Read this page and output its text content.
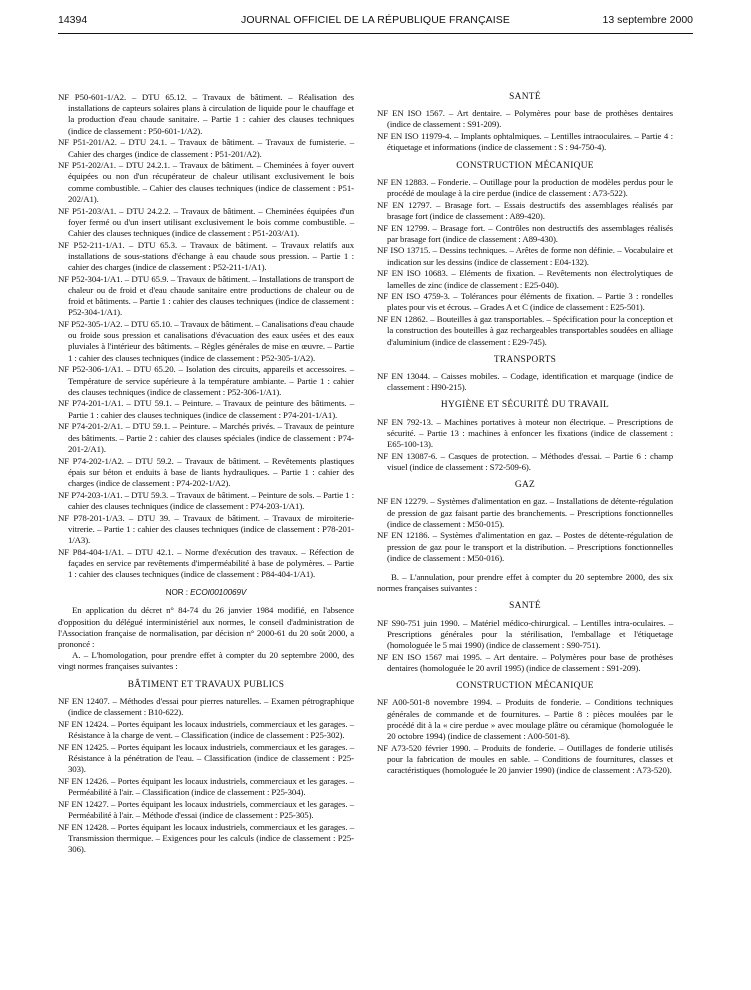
14394	JOURNAL OFFICIEL DE LA RÉPUBLIQUE FRANÇAISE	13 septembre 2000

NF P50-601-1/A2. – DTU 65.12. – Travaux de bâtiment. – Réalisation des installations de capteurs solaires plans à circulation de liquide pour le chauffage et la production d'eau chaude sanitaire. – Partie 1 : cahier des clauses techniques (indice de classement : P50-601-1/A2).

NF P51-201/A2. – DTU 24.1. – Travaux de bâtiment. – Travaux de fumisterie. – Cahier des charges (indice de classement : P51-201/A2).

NF P51-202/A1. – DTU 24.2.1. – Travaux de bâtiment. – Cheminées à foyer ouvert équipées ou non d'un récupérateur de chaleur utilisant exclusivement le bois comme combustible. – Cahier des clauses techniques (indice de classement : P51-202/A1).

NF P51-203/A1. – DTU 24.2.2. – Travaux de bâtiment. – Cheminées équipées d'un foyer fermé ou d'un insert utilisant exclusivement le bois comme combustible. – Cahier des clauses techniques (indice de classement : P51-203/A1).

NF P52-211-1/A1. – DTU 65.3. – Travaux de bâtiment. – Travaux relatifs aux installations de sous-stations d'échange à eau chaude sous pression. – Partie 1 : cahier des charges (indice de classement : P52-211-1/A1).

NF P52-304-1/A1. – DTU 65.9. – Travaux de bâtiment. – Installations de transport de chaleur ou de froid et d'eau chaude sanitaire entre productions de chaleur ou de froid et bâtiments. – Partie 1 : cahier des clauses techniques (indice de classement : P52-304-1/A1).

NF P52-305-1/A2. – DTU 65.10. – Travaux de bâtiment. – Canalisations d'eau chaude ou froide sous pression et canalisations d'évacuation des eaux usées et des eaux pluviales à l'intérieur des bâtiments. – Règles générales de mise en œuvre. – Partie 1 : cahier des clauses techniques (indice de classement : P52-305-1/A2).

NF P52-306-1/A1. – DTU 65.20. – Isolation des circuits, appareils et accessoires. – Température de service supérieure à la température ambiante. – Partie 1 : cahier des clauses techniques (indice de classement : P52-306-1/A1).

NF P74-201-1/A1. – DTU 59.1. – Peinture. – Travaux de peinture des bâtiments. – Partie 1 : cahier des clauses techniques (indice de classement : P74-201-1/A1).

NF P74-201-2/A1. – DTU 59.1. – Peinture. – Marchés privés. – Travaux de peinture des bâtiments. – Partie 2 : cahier des clauses spéciales (indice de classement : P74-201-2/A1).

NF P74-202-1/A2. – DTU 59.2. – Travaux de bâtiment. – Revêtements plastiques épais sur béton et enduits à base de liants hydrauliques. – Partie 1 : cahier des charges (indice de classement : P74-202-1/A2).

NF P74-203-1/A1. – DTU 59.3. – Travaux de bâtiment. – Peinture de sols. – Partie 1 : cahier des clauses techniques (indice de classement : P74-203-1/A1).

NF P78-201-1/A3. – DTU 39. – Travaux de bâtiment. – Travaux de miroiterie-vitrerie. – Partie 1 : cahier des clauses techniques (indice de classement : P78-201-1/A3).

NF P84-404-1/A1. – DTU 42.1. – Norme d'exécution des travaux. – Réfection de façades en service par revêtements d'imperméabilité à base de polymères. – Partie 1 : cahier des clauses techniques (indice de classement : P84-404-1/A1).

NOR : ECOI0010069V

En application du décret n° 84-74 du 26 janvier 1984 modifié, en l'absence d'opposition du délégué interministériel aux normes, le conseil d'administration de l'Association française de normalisation, par décision n° 2000-61 du 20 soût 2000, a prononcé :

A. – L'homologation, pour prendre effet à compter du 20 septembre 2000, des vingt normes françaises suivantes :

BÂTIMENT ET TRAVAUX PUBLICS

NF EN 12407. – Méthodes d'essai pour pierres naturelles. – Examen pétrographique (indice de classement : B10-622).

NF EN 12424. – Portes équipant les locaux industriels, commerciaux et les garages. – Résistance à la charge de vent. – Classification (indice de classement : P25-302).

NF EN 12425. – Portes équipant les locaux industriels, commerciaux et les garages. – Résistance à la pénétration de l'eau. – Classification (indice de classement : P25-303).

NF EN 12426. – Portes équipant les locaux industriels, commerciaux et les garages. – Perméabilité à l'air. – Classification (indice de classement : P25-304).

NF EN 12427. – Portes équipant les locaux industriels, commerciaux et les garages. – Perméabilité à l'air. – Méthode d'essai (indice de classement : P25-305).

NF EN 12428. – Portes équipant les locaux industriels, commerciaux et les garages. – Transmission thermique. – Exigences pour les calculs (indice de classement : P25-306).

SANTÉ

NF EN ISO 1567. – Art dentaire. – Polymères pour base de prothèses dentaires (indice de classement : S91-209).

NF EN ISO 11979-4. – Implants ophtalmiques. – Lentilles intraoculaires. – Partie 4 : étiquetage et informations (indice de classement : S : 94-750-4).

CONSTRUCTION MÉCANIQUE

NF EN 12883. – Fonderie. – Outillage pour la production de modèles perdus pour le procédé de moulage à la cire perdue (indice de classement : A73-522).

NF EN 12797. – Brasage fort. – Essais destructifs des assemblages réalisés par brasage fort (indice de classement : A89-420).

NF EN 12799. – Brasage fort. – Contrôles non destructifs des assemblages réalisés par brasage fort (indice de classement : A89-430).

NF ISO 13715. – Dessins techniques. – Arêtes de forme non définie. – Vocabulaire et indication sur les dessins (indice de classement : E04-132).

NF EN ISO 10683. – Eléments de fixation. – Revêtements non électrolytiques de lamelles de zinc (indice de classement : E25-040).

NF EN ISO 4759-3. – Tolérances pour éléments de fixation. – Partie 3 : rondelles plates pour vis et écrous. – Grades A et C (indice de classement : E25-501).

NF EN 12862. – Bouteilles à gaz transportables. – Spécification pour la conception et la construction des bouteilles à gaz rechargeables transportables soudées en alliage d'aluminium (indice de classement : E29-745).

TRANSPORTS

NF EN 13044. – Caisses mobiles. – Codage, identification et marquage (indice de classement : H90-215).

HYGIÈNE ET SÉCURITÉ DU TRAVAIL

NF EN 792-13. – Machines portatives à moteur non électrique. – Prescriptions de sécurité. – Partie 13 : machines à enfoncer les fixations (indice de classement : E65-100-13).

NF EN 13087-6. – Casques de protection. – Méthodes d'essai. – Partie 6 : champ visuel (indice de classement : S72-509-6).

GAZ

NF EN 12279. – Systèmes d'alimentation en gaz. – Installations de détente-régulation de pression de gaz faisant partie des branchements. – Prescriptions fonctionnelles (indice de classement : M50-015).

NF EN 12186. – Systèmes d'alimentation en gaz. – Postes de détente-régulation de pression de gaz pour le transport et la distribution. – Prescriptions fonctionnelles (indice de classement : M50-016).

B. – L'annulation, pour prendre effet à compter du 20 septembre 2000, des six normes françaises suivantes :

SANTÉ

NF S90-751 juin 1990. – Matériel médico-chirurgical. – Lentilles intra-oculaires. – Prescriptions générales pour la stérilisation, l'emballage et l'étiquetage (homologuée le 5 mai 1990) (indice de classement : S90-751).

NF EN ISO 1567 mai 1995. – Art dentaire. – Polymères pour base de prothèses dentaires (homologuée le 20 avril 1995) (indice de classement : S91-209).

CONSTRUCTION MÉCANIQUE

NF A00-501-8 novembre 1994. – Produits de fonderie. – Conditions techniques générales de commande et de fournitures. – Partie 8 : pièces moulées par le procédé dit à la « cire perdue » avec moulage plâtre ou céramique (homologuée le 20 octobre 1994) (indice de classement : A00-501-8).

NF A73-520 février 1990. – Produits de fonderie. – Outillages de fonderie utilisés pour la fabrication de moules en sable. – Conditions de fournitures, classes et caractéristiques (homologuée le 20 janvier 1990) (indice de classement : A73-520).
